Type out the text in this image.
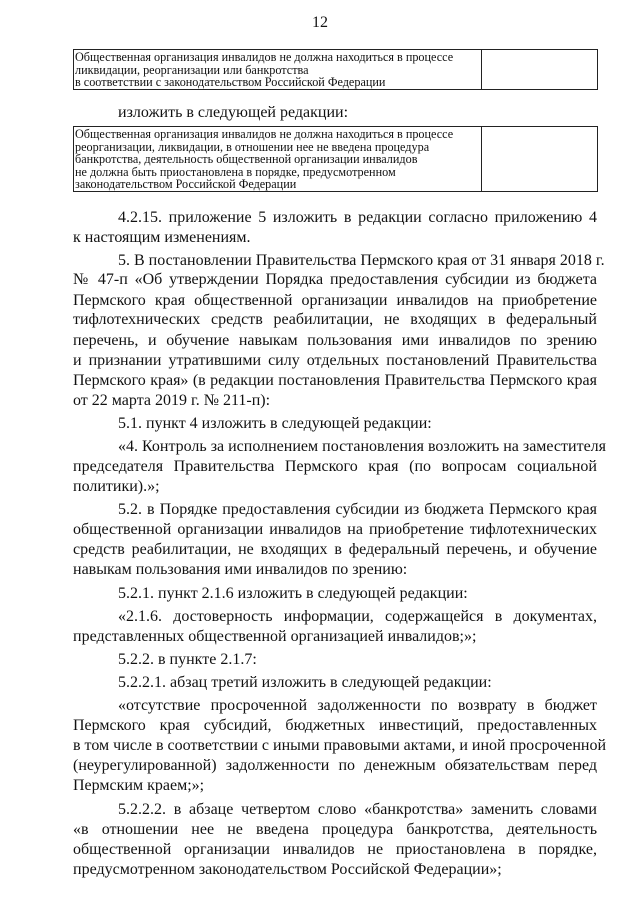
12
Общественная организация инвалидов не должна находиться в процессе
ликвидации, реорганизации или банкротства
в соответствии с законодательством Российской Федерации

изложить в следующей редакции:
Общественная организация инвалидов не должна находиться в процессе
реорганизации, ликвидации, в отношении нее не введена процедура
банкротства, деятельность общественной организации инвалидов
не должна быть приостановлена в порядке, предусмотренном
законодательством Российской Федерации

4.2.15. приложение 5 изложить в редакции согласно приложению 4
к настоящим изменениям.
5. В постановлении Правительства Пермского края от 31 января 2018 г.
№ 47-п «Об утверждении Порядка предоставления субсидии из бюджета
Пермского края общественной организации инвалидов на приобретение
тифлотехнических средств реабилитации, не входящих в федеральный
перечень, и обучение навыкам пользования ими инвалидов по зрению
и признании утратившими силу отдельных постановлений Правительства
Пермского края» (в редакции постановления Правительства Пермского края
от 22 марта 2019 г. № 211-п):
5.1. пункт 4 изложить в следующей редакции:
«4. Контроль за исполнением постановления возложить на заместителя
председателя Правительства Пермского края (по вопросам социальной
политики).»;
5.2. в Порядке предоставления субсидии из бюджета Пермского края
общественной организации инвалидов на приобретение тифлотехнических
средств реабилитации, не входящих в федеральный перечень, и обучение
навыкам пользования ими инвалидов по зрению:
5.2.1. пункт 2.1.6 изложить в следующей редакции:
«2.1.6. достоверность информации, содержащейся в документах,
представленных общественной организацией инвалидов;»;
5.2.2. в пункте 2.1.7:
5.2.2.1. абзац третий изложить в следующей редакции:
«отсутствие просроченной задолженности по возврату в бюджет
Пермского края субсидий, бюджетных инвестиций, предоставленных
в том числе в соответствии с иными правовыми актами, и иной просроченной
(неурегулированной) задолженности по денежным обязательствам перед
Пермским краем;»;
5.2.2.2. в абзаце четвертом слово «банкротства» заменить словами
«в отношении нее не введена процедура банкротства, деятельность
общественной организации инвалидов не приостановлена в порядке,
предусмотренном законодательством Российской Федерации»;
